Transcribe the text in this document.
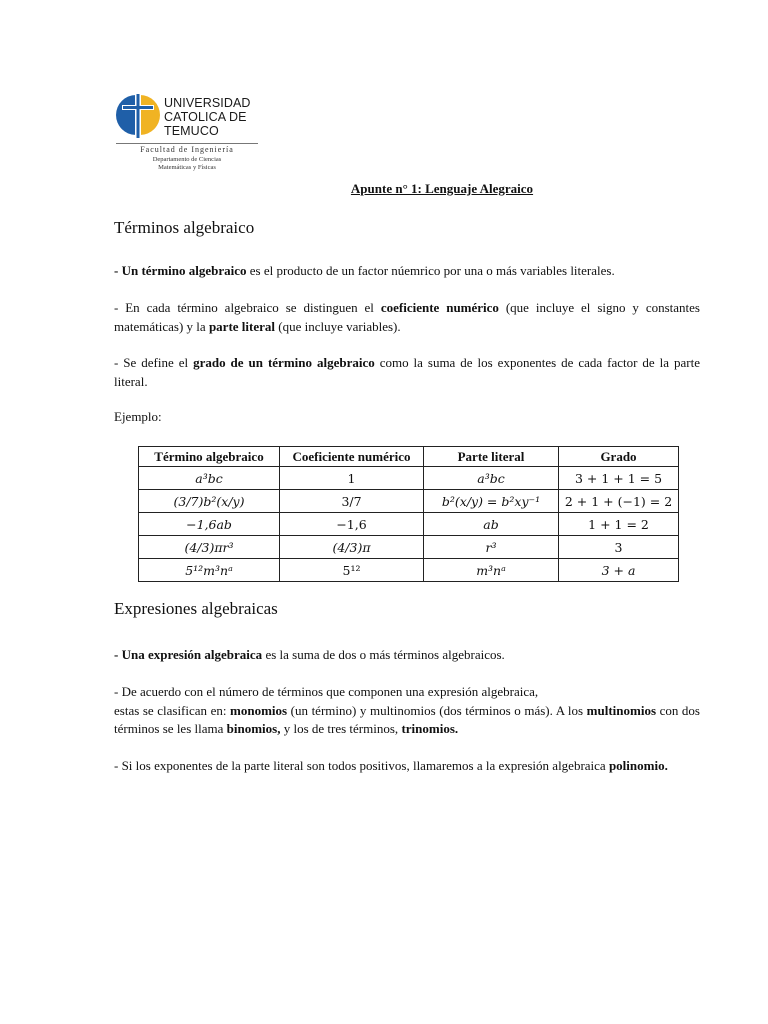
UNIVERSIDAD
CATOLICA DE
TEMUCO
Facultad de Ingeniería
Departamento de Ciencias
Matemáticas y Físicas
Apunte n° 1: Lenguaje Alegraico
Términos algebraico
- Un término algebraico es el producto de un factor núemrico por una o más variables literales.
- En cada término algebraico se distinguen el coeficiente numérico (que incluye el signo y constantes matemáticas) y la parte literal (que incluye variables).
- Se define el grado de un término algebraico como la suma de los exponentes de cada factor de la parte literal.
Ejemplo:
Término algebraico	Coeficiente numérico	Parte literal	Grado
a³bc	1	a³bc	3 + 1 + 1 = 5
(3/7)b²(x/y)	3/7	b²(x/y) = b²xy⁻¹	2 + 1 + (−1) = 2
−1,6ab	−1,6	ab	1 + 1 = 2
(4/3)πr³	(4/3)π	r³	3
5¹²m³nᵃ	5¹²	m³nᵃ	3 + a
Expresiones algebraicas
- Una expresión algebraica es la suma de dos o más términos algebraicos.
- De acuerdo con el número de términos que componen una expresión algebraica,
estas se clasifican en: monomios (un término) y multinomios (dos términos o más). A los multinomios con dos términos se les llama binomios, y los de tres términos, trinomios.
- Si los exponentes de la parte literal son todos positivos, llamaremos a la expresión algebraica polinomio.
